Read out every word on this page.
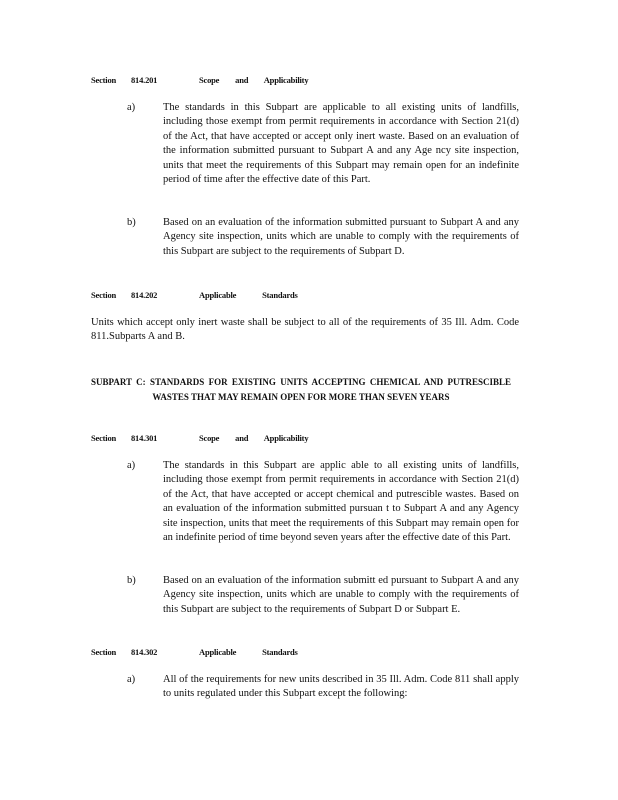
Section 814.201	Scope and Applicability
a)	The standards in this Subpart are applicable to all existing units of landfills, including those exempt from permit requirements in accordance with Section 21(d) of the Act, that have accepted or accept only inert waste. Based on an evaluation of the information submitted pursuant to Subpart A and any Age ncy site inspection, units that meet the requirements of this Subpart may remain open for an indefinite period of time after the effective date of this Part.
b)	Based on an evaluation of the information submitted pursuant to Subpart A and any Agency site inspection, units which are unable to comply with the requirements of this Subpart are subject to the requirements of Subpart D.
Section 814.202	Applicable Standards
Units which accept only inert waste shall be subject to all of the requirements of 35 Ill. Adm. Code 811.Subparts A and B.
SUBPART C: STANDARDS FOR EXISTING UNITS ACCEPTING CHEMICAL AND PUTRESCIBLE WASTES THAT MAY REMAIN OPEN FOR MORE THAN SEVEN YEARS
Section 814.301	Scope and Applicability
a)	The standards in this Subpart are applic able to all existing units of landfills, including those exempt from permit requirements in accordance with Section 21(d) of the Act, that have accepted or accept chemical and putrescible wastes. Based on an evaluation of the information submitted pursuan t to Subpart A and any Agency site inspection, units that meet the requirements of this Subpart may remain open for an indefinite period of time beyond seven years after the effective date of this Part.
b)	Based on an evaluation of the information submitt ed pursuant to Subpart A and any Agency site inspection, units which are unable to comply with the requirements of this Subpart are subject to the requirements of Subpart D or Subpart E.
Section 814.302	Applicable Standards
a)	All of the requirements for new units described in 35 Ill. Adm. Code 811 shall apply to units regulated under this Subpart except the following:
